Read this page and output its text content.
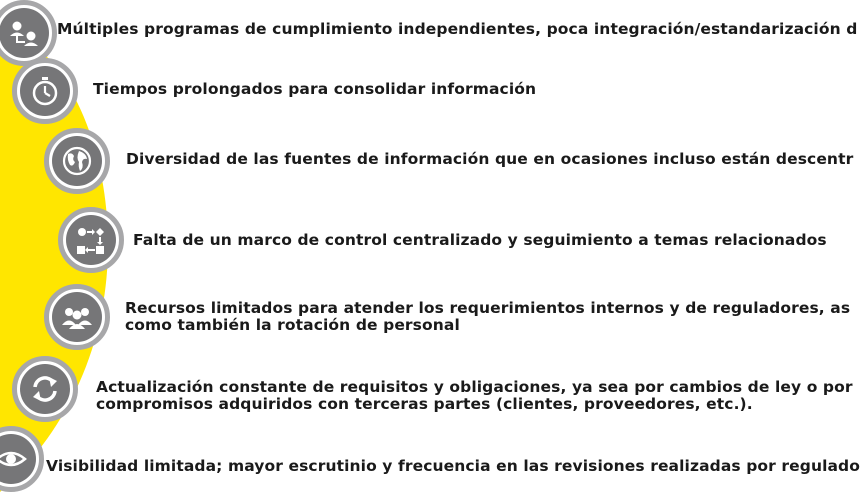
Múltiples programas de cumplimiento independientes, poca integración/estandarización d
Tiempos prolongados para consolidar información
Diversidad de las fuentes de información que en ocasiones incluso están descentr
Falta de un marco de control centralizado y seguimiento a temas relacionados
Recursos limitados para atender los requerimientos internos y de reguladores, as
como también la rotación de personal
Actualización constante de requisitos y obligaciones, ya sea por cambios de ley o por
compromisos adquiridos con terceras partes (clientes, proveedores, etc.).
Visibilidad limitada; mayor escrutinio y frecuencia en las revisiones realizadas por regulado
